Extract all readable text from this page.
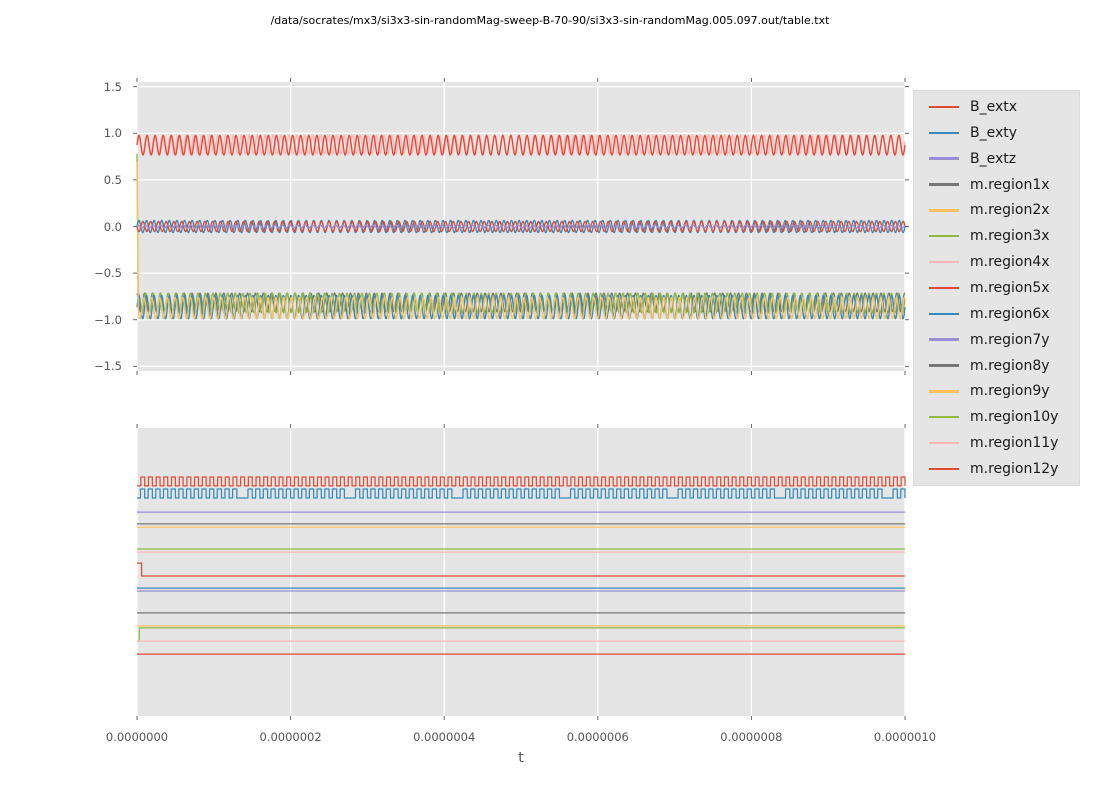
/data/socrates/mx3/si3x3-sin-randomMag-sweep-B-70-90/si3x3-sin-randomMag.005.097.out/table.txt
B_extx
B_exty
B_extz
m.region1x
m.region2x
m.region3x
m.region4x
m.region5x
m.region6x
m.region7y
m.region8y
m.region9y
m.region10y
m.region11y
m.region12y
t
1.5
1.0
0.5
0.0
−0.5
−1.0
−1.5
0.0000000	0.0000002	0.0000004	0.0000006	0.0000008	0.0000010
